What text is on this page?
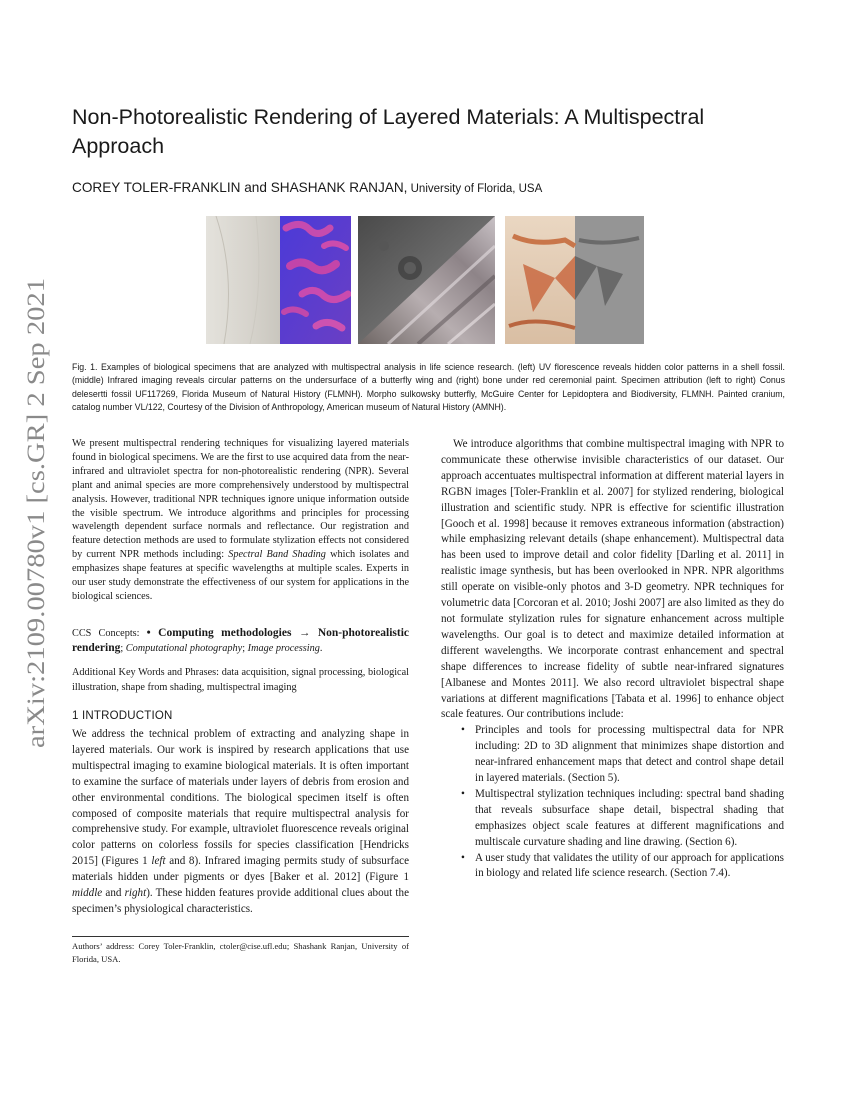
arXiv:2109.00780v1 [cs.GR] 2 Sep 2021
Non-Photorealistic Rendering of Layered Materials: A Multispectral Approach
COREY TOLER-FRANKLIN and SHASHANK RANJAN, University of Florida, USA
Fig. 1. Examples of biological specimens that are analyzed with multispectral analysis in life science research. (left) UV florescence reveals hidden color patterns in a shell fossil. (middle) Infrared imaging reveals circular patterns on the undersurface of a butterfly wing and (right) bone under red ceremonial paint. Specimen attribution (left to right) Conus delesertti fossil UF117269, Florida Museum of Natural History (FLMNH). Morpho sulkowsky butterfly, McGuire Center for Lepidoptera and Biodiversity, FLMNH. Painted cranium, catalog number VL/122, Courtesy of the Division of Anthropology, American museum of Natural History (AMNH).
We present multispectral rendering techniques for visualizing layered materials found in biological specimens. We are the first to use acquired data from the near-infrared and ultraviolet spectra for non-photorealistic rendering (NPR). Several plant and animal species are more comprehensively understood by multispectral analysis. However, traditional NPR techniques ignore unique information outside the visible spectrum. We introduce algorithms and principles for processing wavelength dependent surface normals and reflectance. Our registration and feature detection methods are used to formulate stylization effects not considered by current NPR methods including: Spectral Band Shading which isolates and emphasizes shape features at specific wavelengths at multiple scales. Experts in our user study demonstrate the effectiveness of our system for applications in the biological sciences.
CCS Concepts: • Computing methodologies → Non-photorealistic rendering; Computational photography; Image processing.
Additional Key Words and Phrases: data acquisition, signal processing, biological illustration, shape from shading, multispectral imaging
1 INTRODUCTION
We address the technical problem of extracting and analyzing shape in layered materials. Our work is inspired by research applications that use multispectral imaging to examine biological materials. It is often important to examine the surface of materials under layers of debris from erosion and other environmental conditions. The biological specimen itself is often composed of composite materials that require multispectral analysis for comprehensive study. For example, ultraviolet fluorescence reveals original color patterns on colorless fossils for species classification [Hendricks 2015] (Figures 1 left and 8). Infrared imaging permits study of subsurface materials hidden under pigments or dyes [Baker et al. 2012] (Figure 1 middle and right). These hidden features provide additional clues about the specimen’s physiological characteristics.
Authors’ address: Corey Toler-Franklin, ctoler@cise.ufl.edu; Shashank Ranjan, University of Florida, USA.

We introduce algorithms that combine multispectral imaging with NPR to communicate these otherwise invisible characteristics of our dataset. Our approach accentuates multispectral information at different material layers in RGBN images [Toler-Franklin et al. 2007] for stylized rendering, biological illustration and scientific study. NPR is effective for scientific illustration [Gooch et al. 1998] because it removes extraneous information (abstraction) while emphasizing relevant details (shape enhancement). Multispectral data has been used to improve detail and color fidelity [Darling et al. 2011] in realistic image synthesis, but has been overlooked in NPR. NPR algorithms still operate on visible-only photos and 3-D geometry. NPR techniques for volumetric data [Corcoran et al. 2010; Joshi 2007] are also limited as they do not formulate stylization rules for signature enhancement across multiple wavelengths. Our goal is to detect and maximize detailed information at different wavelengths. We incorporate contrast enhancement and spectral shape differences to increase fidelity of subtle near-infrared signatures [Albanese and Montes 2011]. We also record ultraviolet bispectral shape variations at different magnifications [Tabata et al. 1996] to enhance object scale features. Our contributions include:

• Principles and tools for processing multispectral data for NPR including: 2D to 3D alignment that minimizes shape distortion and near-infrared enhancement maps that detect and control shape detail in layered materials. (Section 5).
• Multispectral stylization techniques including: spectral band shading that reveals subsurface shape detail, bispectral shading that emphasizes object scale features at different magnifications and multiscale curvature shading and line drawing. (Section 6).
• A user study that validates the utility of our approach for applications in biology and related life science research. (Section 7.4).
